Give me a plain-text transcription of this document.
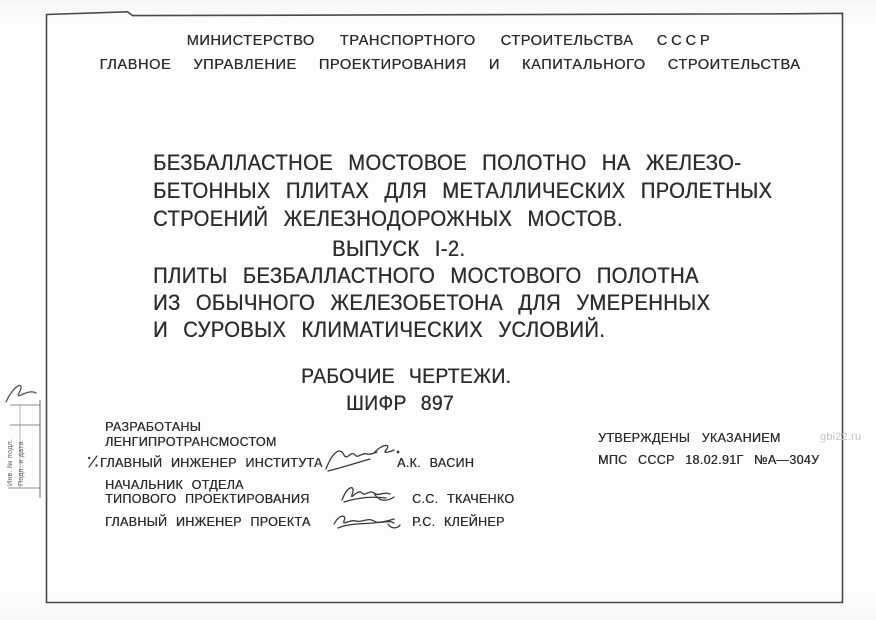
МИНИСТЕРСТВО ТРАНСПОРТНОГО СТРОИТЕЛЬСТВА СССР
ГЛАВНОЕ УПРАВЛЕНИЕ ПРОЕКТИРОВАНИЯ И КАПИТАЛЬНОГО СТРОИТЕЛЬСТВА
БЕЗБАЛЛАСТНОЕ МОСТОВОЕ ПОЛОТНО НА ЖЕЛЕЗО-
БЕТОННЫХ ПЛИТАХ ДЛЯ МЕТАЛЛИЧЕСКИХ ПРОЛЕТНЫХ
СТРОЕНИЙ ЖЕЛЕЗНОДОРОЖНЫХ МОСТОВ.
ВЫПУСК I-2.
ПЛИТЫ БЕЗБАЛЛАСТНОГО МОСТОВОГО ПОЛОТНА
ИЗ ОБЫЧНОГО ЖЕЛЕЗОБЕТОНА ДЛЯ УМЕРЕННЫХ
И СУРОВЫХ КЛИМАТИЧЕСКИХ УСЛОВИЙ.
РАБОЧИЕ ЧЕРТЕЖИ.
ШИФР 897
РАЗРАБОТАНЫ
ЛЕНГИПРОТРАНСМОСТОМ
ГЛАВНЫЙ ИНЖЕНЕР ИНСТИТУТА	А.К. ВАСИН
НАЧАЛЬНИК ОТДЕЛА
ТИПОВОГО ПРОЕКТИРОВАНИЯ	С.С. ТКАЧЕНКО
ГЛАВНЫЙ ИНЖЕНЕР ПРОЕКТА	Р.С. КЛЕЙНЕР
УТВЕРЖДЕНЫ УКАЗАНИЕМ
МПС СССР 18.02.91Г №А—304У
gbi22.ru
Инв. № подл. Подп. и дата
